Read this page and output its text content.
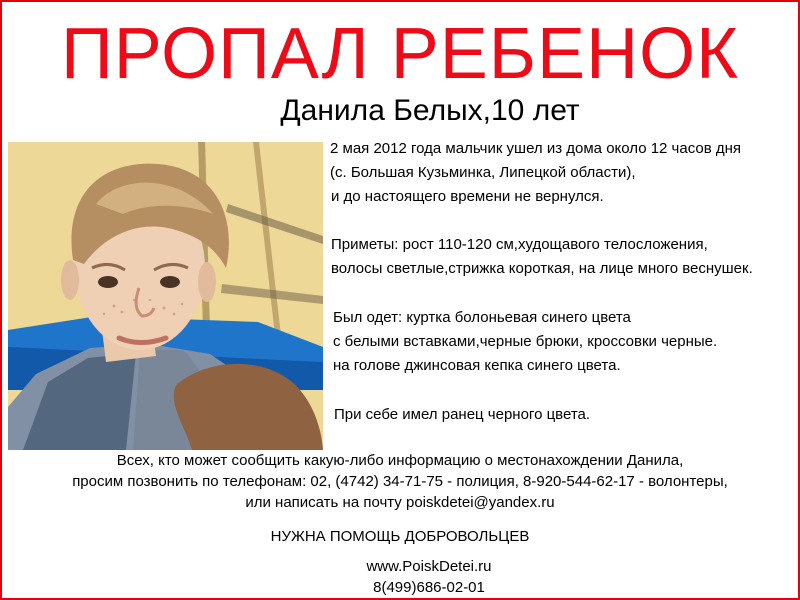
ПРОПАЛ РЕБЕНОК
Данила Белых,10 лет
2 мая 2012 года мальчик ушел из дома около 12 часов дня
(с. Большая Кузьминка, Липецкой области),
и до настоящего времени не вернулся.
Приметы: рост 110-120 см,худощавого телосложения,
волосы светлые,стрижка короткая, на лице много веснушек.
Был одет: куртка болоньевая синего цвета
с белыми вставками,черные брюки, кроссовки черные.
на голове джинсовая кепка синего цвета.
При себе имел ранец черного цвета.
Всех, кто может сообщить какую-либо информацию о местонахождении Данила,
просим позвонить по телефонам: 02, (4742) 34-71-75 - полиция, 8-920-544-62-17 - волонтеры,
или написать на почту poiskdetei@yandex.ru
НУЖНА ПОМОЩЬ ДОБРОВОЛЬЦЕВ
www.PoiskDetei.ru
8(499)686-02-01
